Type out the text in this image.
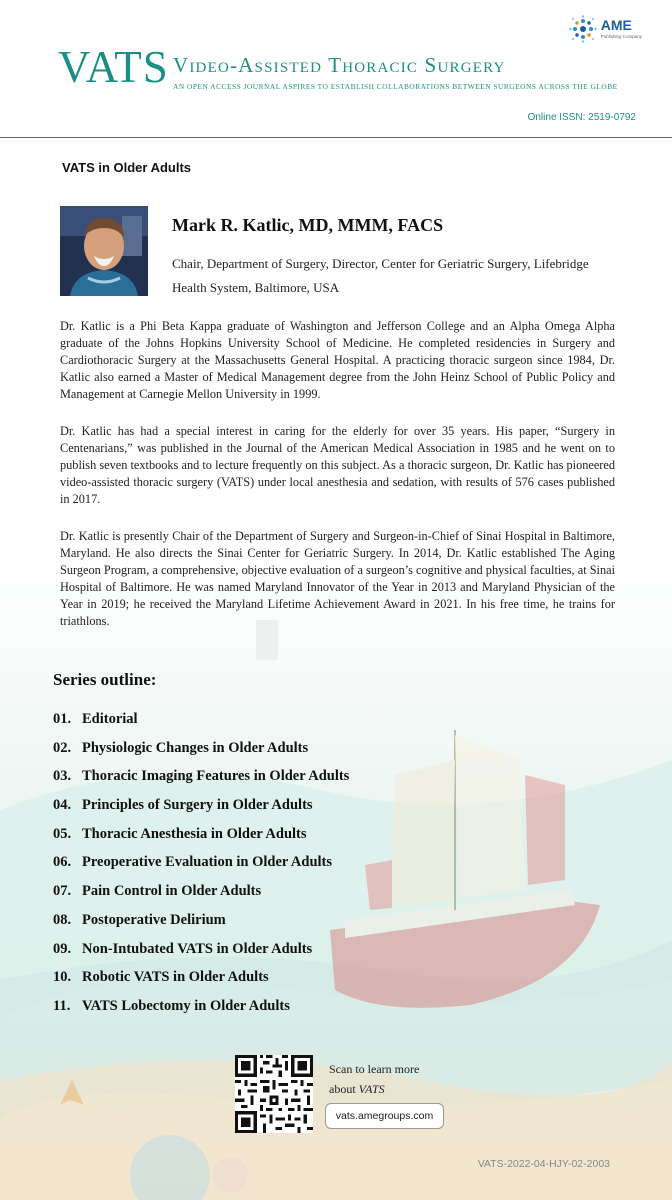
AME
Publishing Company
VATS Video-Assisted Thoracic Surgery
AN OPEN ACCESS JOURNAL ASPIRES TO ESTABLISH COLLABORATIONS BETWEEN SURGEONS ACROSS THE GLOBE
Online ISSN: 2519-0792
VATS in Older Adults
Mark R. Katlic, MD, MMM, FACS
Chair, Department of Surgery, Director, Center for Geriatric Surgery, Lifebridge Health System, Baltimore, USA

Dr. Katlic is a Phi Beta Kappa graduate of Washington and Jefferson College and an Alpha Omega Alpha graduate of the Johns Hopkins University School of Medicine. He completed residencies in Surgery and Cardiothoracic Surgery at the Massachusetts General Hospital. A practicing thoracic surgeon since 1984, Dr. Katlic also earned a Master of Medical Management degree from the John Heinz School of Public Policy and Management at Carnegie Mellon University in 1999.

Dr. Katlic has had a special interest in caring for the elderly for over 35 years. His paper, “Surgery in Centenarians,” was published in the Journal of the American Medical Association in 1985 and he went on to publish seven textbooks and to lecture frequently on this subject. As a thoracic surgeon, Dr. Katlic has pioneered video-assisted thoracic surgery (VATS) under local anesthesia and sedation, with results of 576 cases published in 2017.

Dr. Katlic is presently Chair of the Department of Surgery and Surgeon-in-Chief of Sinai Hospital in Baltimore, Maryland. He also directs the Sinai Center for Geriatric Surgery. In 2014, Dr. Katlic established The Aging Surgeon Program, a comprehensive, objective evaluation of a surgeon’s cognitive and physical faculties, at Sinai Hospital of Baltimore. He was named Maryland Innovator of the Year in 2013 and Maryland Physician of the Year in 2019; he received the Maryland Lifetime Achievement Award in 2021. In his free time, he trains for triathlons.

Series outline:
01. Editorial
02. Physiologic Changes in Older Adults
03. Thoracic Imaging Features in Older Adults
04. Principles of Surgery in Older Adults
05. Thoracic Anesthesia in Older Adults
06. Preoperative Evaluation in Older Adults
07. Pain Control in Older Adults
08. Postoperative Delirium
09. Non-Intubated VATS in Older Adults
10. Robotic VATS in Older Adults
11. VATS Lobectomy in Older Adults
Scan to learn more
about VATS
vats.amegroups.com
VATS-2022-04-HJY-02-2003
